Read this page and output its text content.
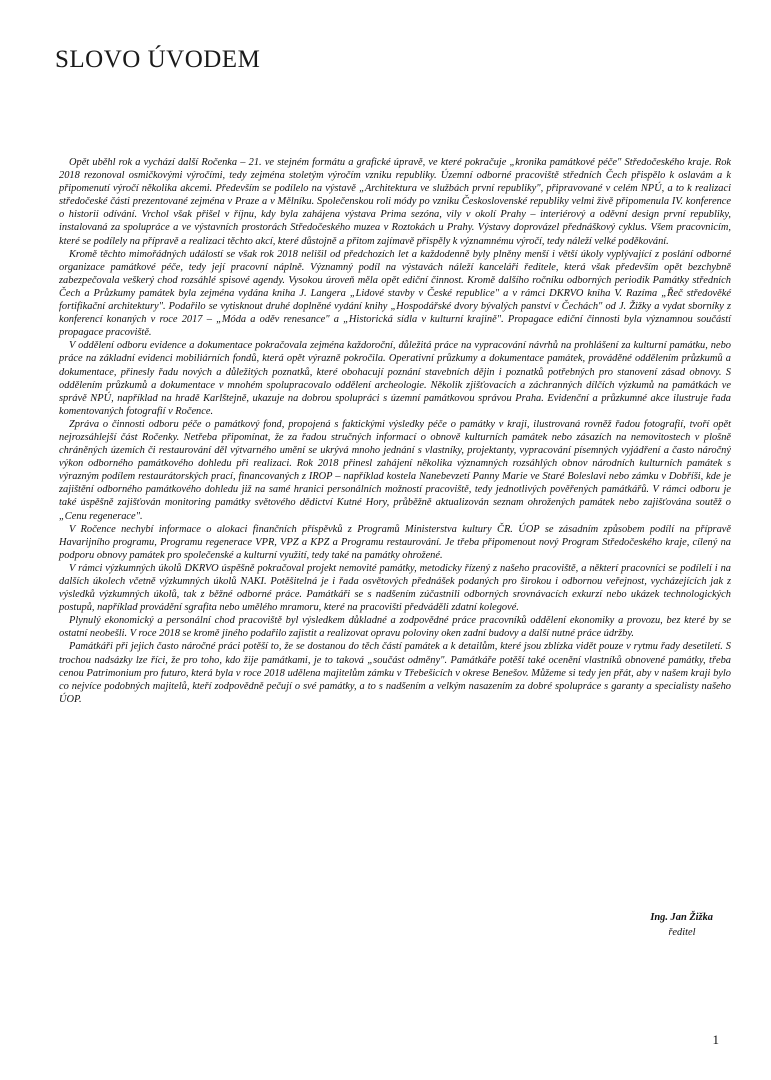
SLOVO ÚVODEM

Opět uběhl rok a vychází další Ročenka – 21. ve stejném formátu a grafické úpravě, ve které pokračuje „kronika památkové péče" Středočeského kraje. Rok 2018 rezonoval osmičkovými výročími, tedy zejména stoletým výročím vzniku republiky. Územní odborné pracoviště středních Čech přispělo k oslavám a k připomenutí výročí několika akcemi. Především se podílelo na výstavě „Architektura ve službách první republiky", připravované v celém NPÚ, a to k realizaci středočeské části prezentované zejména v Praze a v Mělníku. Společenskou roli módy po vzniku Československé republiky velmi živě připomenula IV. konference o historii odívání. Vrchol však přišel v říjnu, kdy byla zahájena výstava Prima sezóna, vily v okolí Prahy – interiérový a oděvní design první republiky, instalovaná za spolupráce a ve výstavních prostorách Středočeského muzea v Roztokách u Prahy. Výstavy doprovázel přednáškový cyklus. Všem pracovnicím, které se podílely na přípravě a realizaci těchto akcí, které důstojně a přitom zajímavě přispěly k významnému výročí, tedy náleží velké poděkování.

Kromě těchto mimořádných událostí se však rok 2018 nelišil od předchozích let a každodenně byly plněny menší i větší úkoly vyplývající z poslání odborné organizace památkové péče, tedy její pracovní náplně. Významný podíl na výstavách náleží kanceláři ředitele, která však především opět bezchybně zabezpečovala veškerý chod rozsáhlé spisové agendy. Vysokou úroveň měla opět ediční činnost. Kromě dalšího ročníku odborných periodik Památky středních Čech a Průzkumy památek byla zejména vydána kniha J. Langera „Lidové stavby v České republice" a v rámci DKRVO kniha V. Razíma „Řeč středověké fortifikační architektury". Podařilo se vytisknout druhé doplněné vydání knihy „Hospodářské dvory bývalých panství v Čechách" od J. Žižky a vydat sborníky z konferencí konaných v roce 2017 – „Móda a oděv renesance" a „Historická sídla v kulturní krajině". Propagace ediční činnosti byla významnou součástí propagace pracoviště.

V oddělení odboru evidence a dokumentace pokračovala zejména každoroční, důležitá práce na vypracování návrhů na prohlášení za kulturní památku, nebo práce na základní evidenci mobiliárních fondů, která opět výrazně pokročila. Operativní průzkumy a dokumentace památek, prováděné oddělením průzkumů a dokumentace, přinesly řadu nových a důležitých poznatků, které obohacují poznání stavebních dějin i poznatků potřebných pro stanovení zásad obnovy. S oddělením průzkumů a dokumentace v mnohém spolupracovalo oddělení archeologie. Několik zjišťovacích a záchranných dílčích výzkumů na památkách ve správě NPÚ, například na hradě Karlštejně, ukazuje na dobrou spolupráci s územní památkovou správou Praha. Evidenční a průzkumné akce ilustruje řada komentovaných fotografií v Ročence.

Zpráva o činnosti odboru péče o památkový fond, propojená s faktickými výsledky péče o památky v kraji, ilustrovaná rovněž řadou fotografií, tvoří opět nejrozsáhlejší část Ročenky. Netřeba připomínat, že za řadou stručných informací o obnově kulturních památek nebo zásazích na nemovitostech v plošně chráněných územích či restaurování děl výtvarného umění se ukrývá mnoho jednání s vlastníky, projektanty, vypracování písemných vyjádření a často náročný výkon odborného památkového dohledu při realizaci. Rok 2018 přinesl zahájení několika významných rozsáhlých obnov národních kulturních památek s výrazným podílem restaurátorských prací, financovaných z IROP – například kostela Nanebevzetí Panny Marie ve Staré Boleslavi nebo zámku v Dobříši, kde je zajištění odborného památkového dohledu již na samé hranici personálních možností pracoviště, tedy jednotlivých pověřených památkářů. V rámci odboru je také úspěšně zajišťován monitoring památky světového dědictví Kutné Hory, průběžně aktualizován seznam ohrožených památek nebo zajišťována soutěž o „Cenu regenerace".

V Ročence nechybí informace o alokaci finančních příspěvků z Programů Ministerstva kultury ČR. ÚOP se zásadním způsobem podílí na přípravě Havarijního programu, Programu regenerace VPR, VPZ a KPZ a Programu restaurování. Je třeba připomenout nový Program Středočeského kraje, cílený na podporu obnovy památek pro společenské a kulturní využití, tedy také na památky ohrožené.

V rámci výzkumných úkolů DKRVO úspěšně pokračoval projekt nemovité památky, metodicky řízený z našeho pracoviště, a některí pracovníci se podílelí i na dalších úkolech včetně výzkumných úkolů NAKI. Potěšitelná je i řada osvětových přednášek podaných pro širokou i odbornou veřejnost, vycházejících jak z výsledků výzkumných úkolů, tak z běžné odborné práce. Památkáři se s nadšením zúčastnili odborných srovnávacích exkurzí nebo ukázek technologických postupů, například provádění sgrafita nebo umělého mramoru, které na pracovišti předváděli zdatní kolegové.

Plynulý ekonomický a personální chod pracoviště byl výsledkem důkladné a zodpovědné práce pracovníků oddělení ekonomiky a provozu, bez které by se ostatní neobešli. V roce 2018 se kromě jiného podařilo zajistit a realizovat opravu poloviny oken zadní budovy a další nutné práce údržby.

Památkáři při jejich často náročné práci potěší to, že se dostanou do těch částí památek a k detailům, které jsou zblízka vidět pouze v rytmu řady desetiletí. S trochou nadsázky lze říci, že pro toho, kdo žije památkami, je to taková „součást odměny". Památkáře potěší také ocenění vlastníků obnovené památky, třeba cenou Patrimonium pro futuro, která byla v roce 2018 udělena majitelům zámku v Třebešicích v okrese Benešov. Můžeme si tedy jen přát, aby v našem kraji bylo co nejvíce podobných majitelů, kteří zodpovědně pečují o své památky, a to s nadšením a velkým nasazením za dobré spolupráce s garanty a specialisty našeho ÚOP.

Ing. Jan Žižka
ředitel
1
